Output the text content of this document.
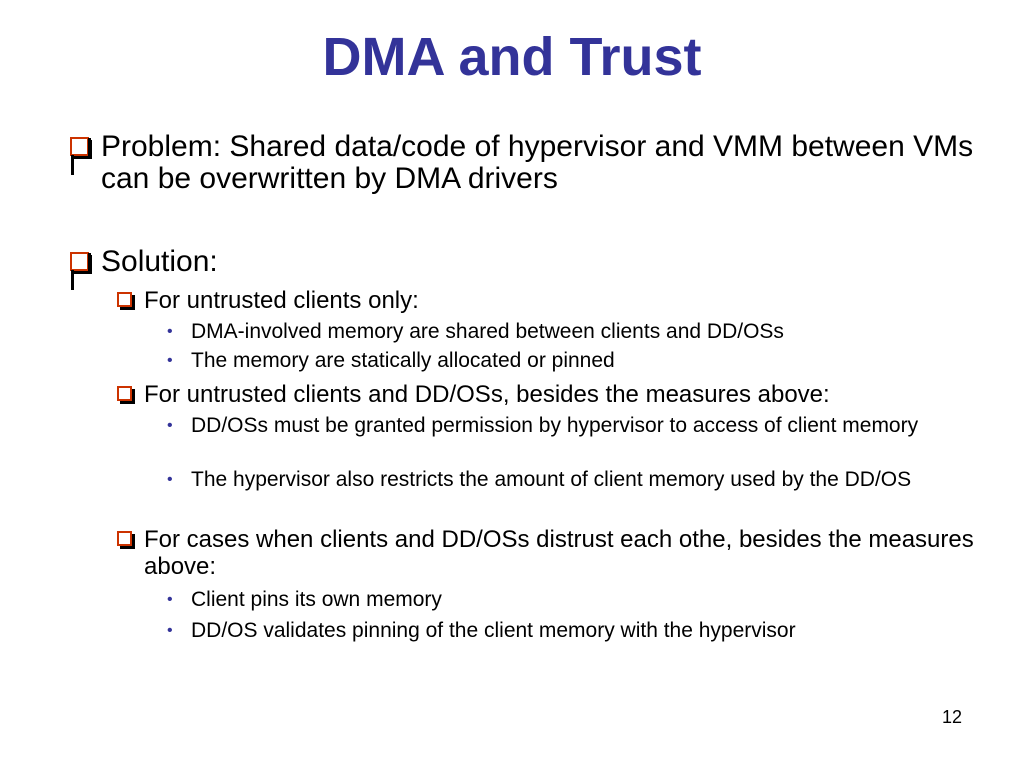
DMA and Trust
Problem: Shared data/code of hypervisor and VMM between VMs can be overwritten by DMA drivers
Solution:
For untrusted clients only:
• DMA-involved memory are shared between clients and DD/OSs
• The memory are statically allocated or pinned
For untrusted clients and DD/OSs, besides the measures above:
• DD/OSs must be granted permission by hypervisor to access of client memory
• The hypervisor also restricts the amount of client memory used by the DD/OS
For cases when clients and DD/OSs distrust each othe, besides the measures above:
• Client pins its own memory
• DD/OS validates pinning of the client memory with the hypervisor
12
